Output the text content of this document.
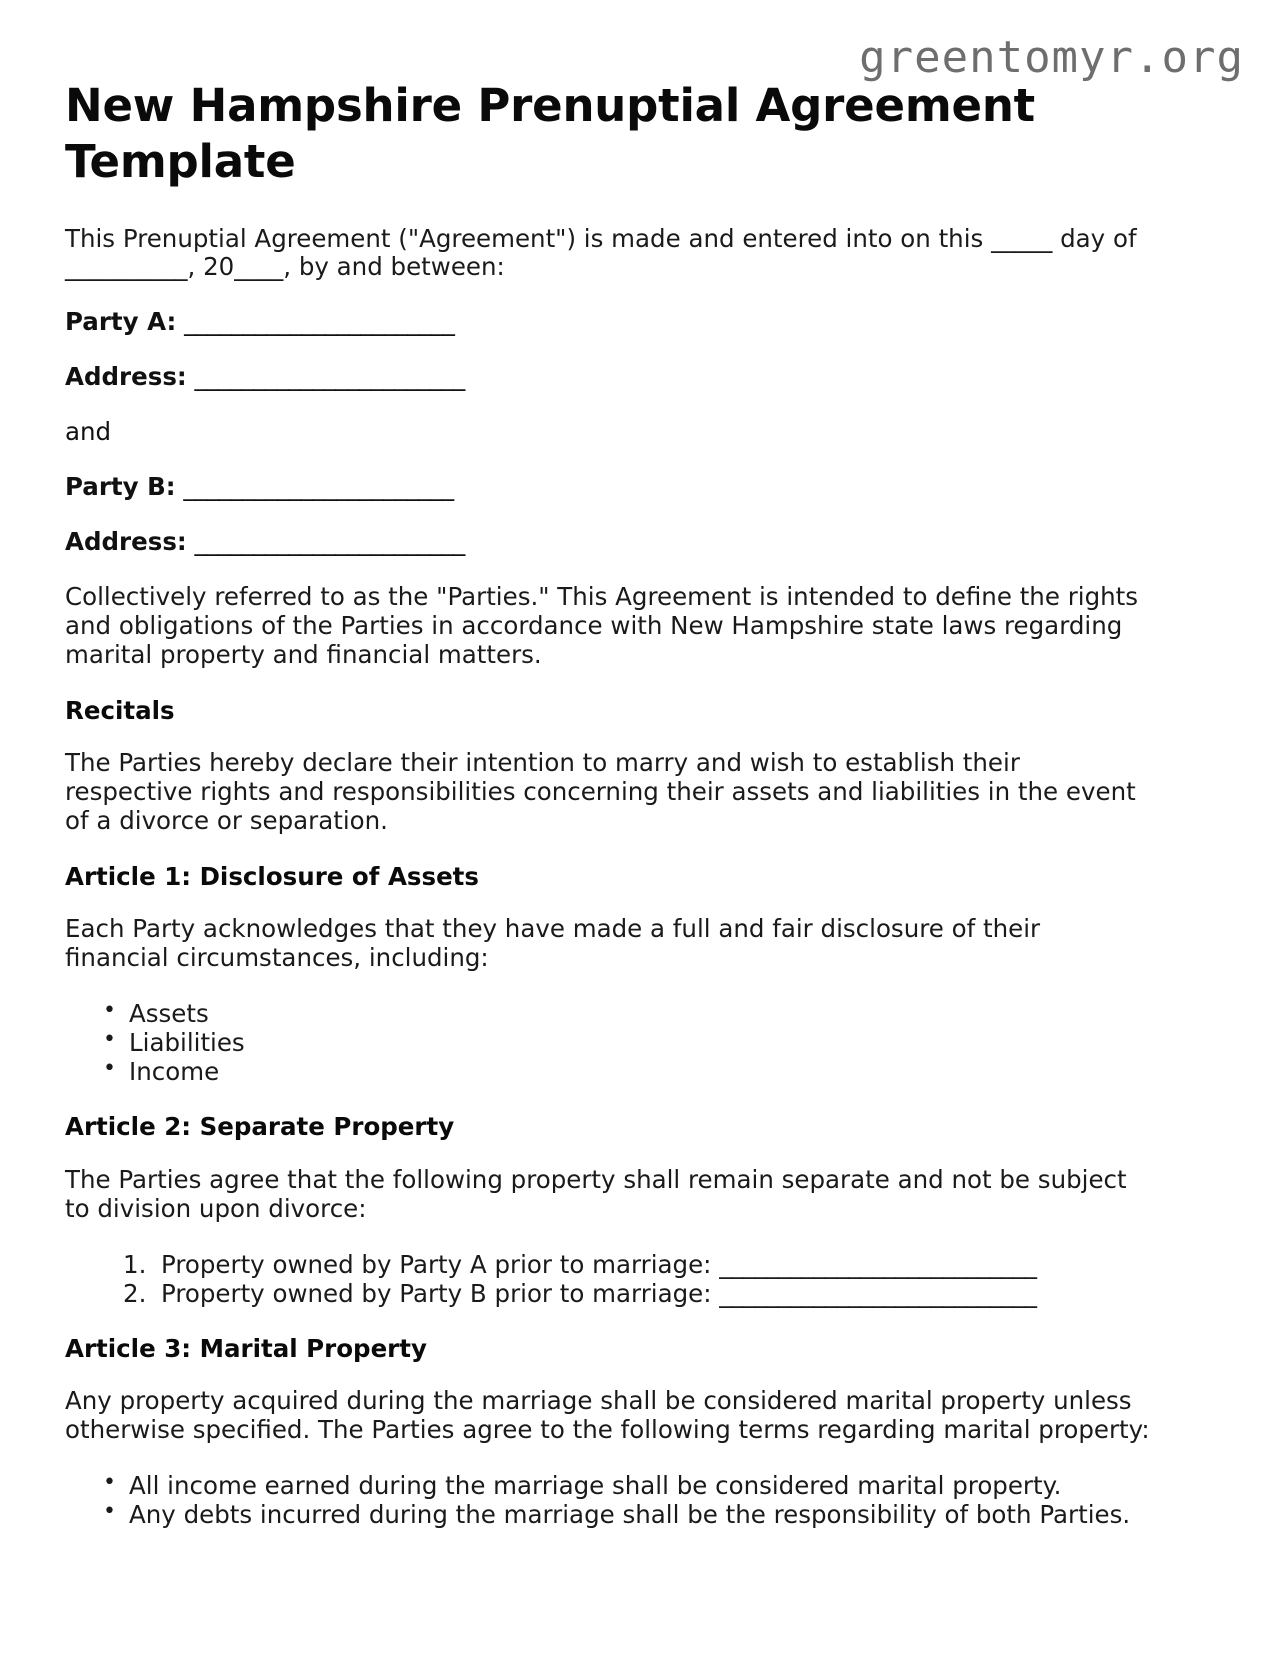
greentomyr.org
New Hampshire Prenuptial Agreement Template

This Prenuptial Agreement ("Agreement") is made and entered into on this _____ day of __________, 20____, by and between:

Party A: _______________________

Address: _______________________

and

Party B: _______________________

Address: _______________________

Collectively referred to as the "Parties." This Agreement is intended to define the rights and obligations of the Parties in accordance with New Hampshire state laws regarding marital property and financial matters.

Recitals

The Parties hereby declare their intention to marry and wish to establish their respective rights and responsibilities concerning their assets and liabilities in the event of a divorce or separation.

Article 1: Disclosure of Assets

Each Party acknowledges that they have made a full and fair disclosure of their financial circumstances, including:

• Assets
• Liabilities
• Income
Article 2: Separate Property

The Parties agree that the following property shall remain separate and not be subject to division upon divorce:

Property owned by Party A prior to marriage: ___________________________
Property owned by Party B prior to marriage: ___________________________
Article 3: Marital Property

Any property acquired during the marriage shall be considered marital property unless otherwise specified. The Parties agree to the following terms regarding marital property:

• All income earned during the marriage shall be considered marital property.
• Any debts incurred during the marriage shall be the responsibility of both Parties.
